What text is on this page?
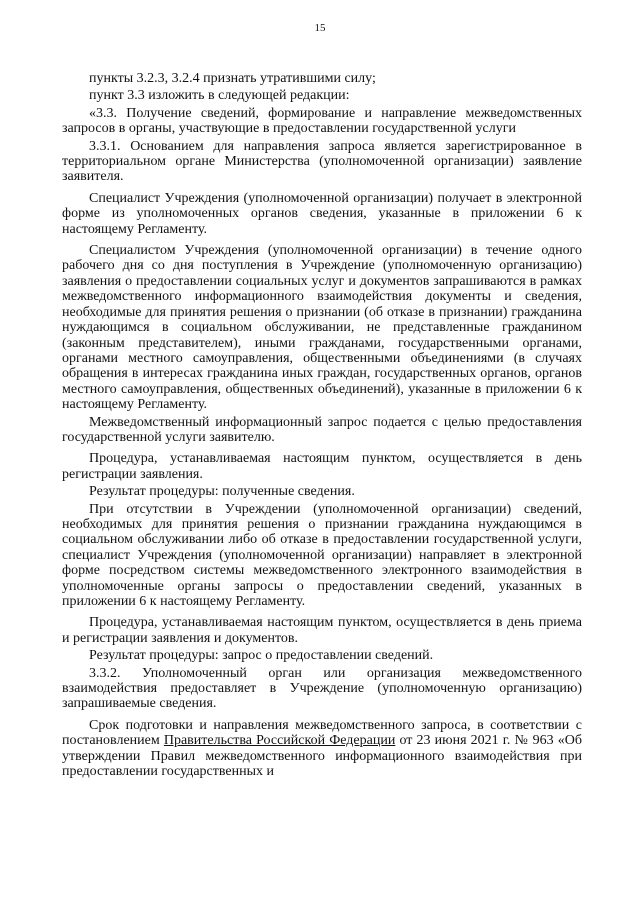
15

пункты 3.2.3, 3.2.4 признать утратившими силу;

пункт 3.3 изложить в следующей редакции:

«3.3. Получение сведений, формирование и направление межведомственных запросов в органы, участвующие в предоставлении государственной услуги

3.3.1. Основанием для направления запроса является зарегистрированное в территориальном органе Министерства (уполномоченной организации) заявление заявителя.

Специалист Учреждения (уполномоченной организации) получает в электронной форме из уполномоченных органов сведения, указанные в приложении 6 к настоящему Регламенту.

Специалистом Учреждения (уполномоченной организации) в течение одного рабочего дня со дня поступления в Учреждение (уполномоченную организацию) заявления о предоставлении социальных услуг и документов запрашиваются в рамках межведомственного информационного взаимодействия документы и сведения, необходимые для принятия решения о признании (об отказе в признании) гражданина нуждающимся в социальном обслуживании, не представленные гражданином (законным представителем), иными гражданами, государственными органами, органами местного самоуправления, общественными объединениями (в случаях обращения в интересах гражданина иных граждан, государственных органов, органов местного самоуправления, общественных объединений), указанные в приложении 6 к настоящему Регламенту.

Межведомственный информационный запрос подается с целью предоставления государственной услуги заявителю.

Процедура, устанавливаемая настоящим пунктом, осуществляется в день регистрации заявления.

Результат процедуры: полученные сведения.

При отсутствии в Учреждении (уполномоченной организации) сведений, необходимых для принятия решения о признании гражданина нуждающимся в социальном обслуживании либо об отказе в предоставлении государственной услуги, специалист Учреждения (уполномоченной организации) направляет в электронной форме посредством системы межведомственного электронного взаимодействия в уполномоченные органы запросы о предоставлении сведений, указанных в приложении 6 к настоящему Регламенту.

Процедура, устанавливаемая настоящим пунктом, осуществляется в день приема и регистрации заявления и документов.

Результат процедуры: запрос о предоставлении сведений.

3.3.2. Уполномоченный орган или организация межведомственного взаимодействия предоставляет в Учреждение (уполномоченную организацию) запрашиваемые сведения.

Срок подготовки и направления межведомственного запроса, в соответствии с постановлением Правительства Российской Федерации от 23 июня 2021 г. № 963 «Об утверждении Правил межведомственного информационного взаимодействия при предоставлении государственных и
